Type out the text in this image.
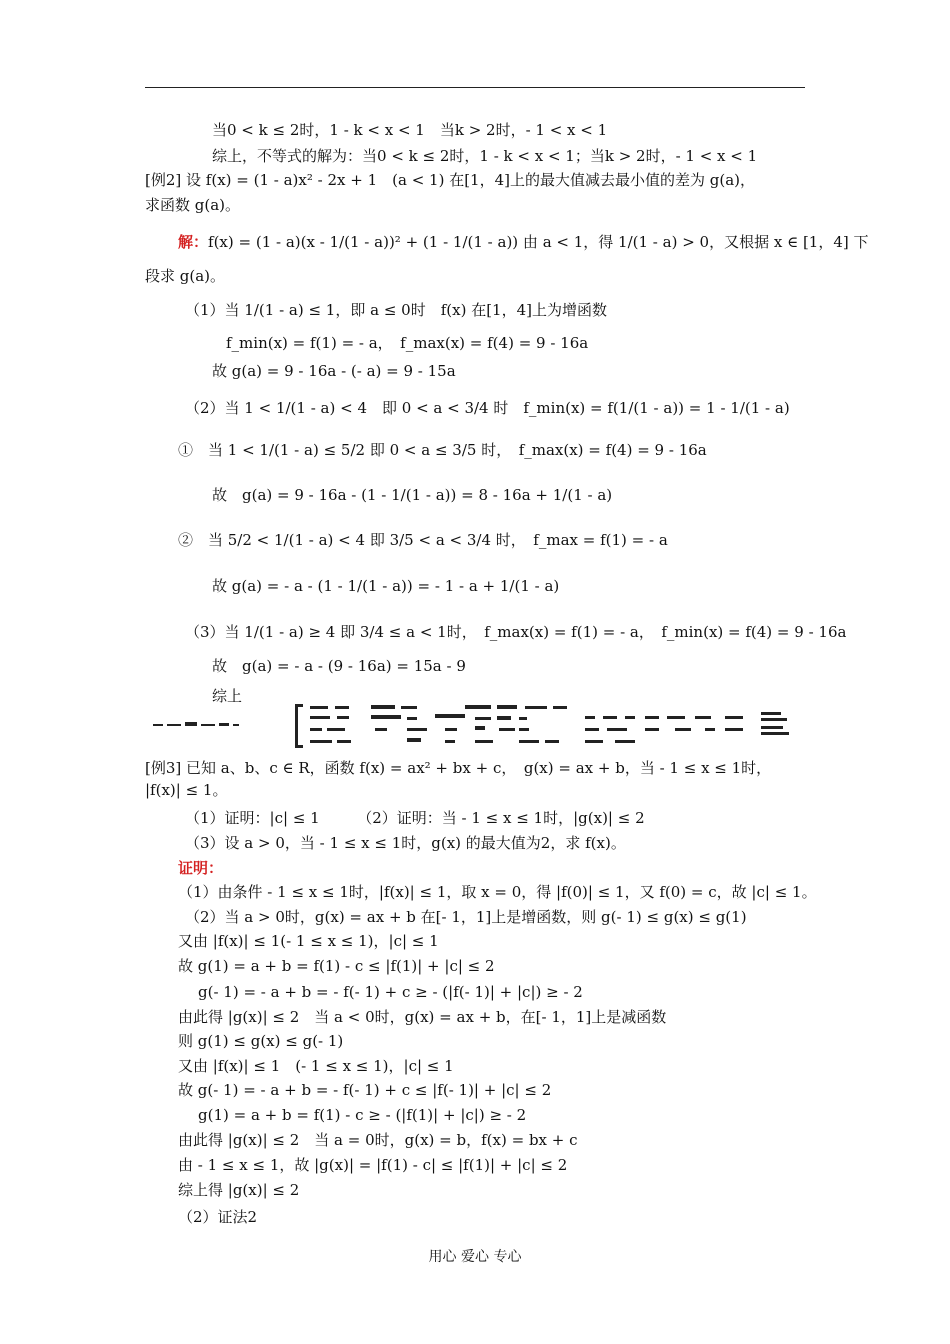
当0 < k ≤ 2时，1 - k < x < 1　当k > 2时，- 1 < x < 1
综上，不等式的解为：当0 < k ≤ 2时，1 - k < x < 1；当k > 2时，- 1 < x < 1
[例2] 设 f(x) = (1 - a)x² - 2x + 1　(a < 1) 在[1，4]上的最大值减去最小值的差为 g(a)，
求函数 g(a)。
解：f(x) = (1 - a)(x - 1/(1 - a))² + (1 - 1/(1 - a)) 由 a < 1，得 1/(1 - a) > 0，又根据 x ∈ [1，4] 下
段求 g(a)。
（1）当 1/(1 - a) ≤ 1，即 a ≤ 0时　f(x) 在[1，4]上为增函数
f_min(x) = f(1) = - a，　f_max(x) = f(4) = 9 - 16a
故 g(a) = 9 - 16a - (- a) = 9 - 15a
（2）当 1 < 1/(1 - a) < 4　即 0 < a < 3/4 时　f_min(x) = f(1/(1 - a)) = 1 - 1/(1 - a)
①　当 1 < 1/(1 - a) ≤ 5/2 即 0 < a ≤ 3/5 时，　f_max(x) = f(4) = 9 - 16a
故　g(a) = 9 - 16a - (1 - 1/(1 - a)) = 8 - 16a + 1/(1 - a)
②　当 5/2 < 1/(1 - a) < 4 即 3/5 < a < 3/4 时，　f_max = f(1) = - a
故 g(a) = - a - (1 - 1/(1 - a)) = - 1 - a + 1/(1 - a)
（3）当 1/(1 - a) ≥ 4 即 3/4 ≤ a < 1时，　f_max(x) = f(1) = - a，　f_min(x) = f(4) = 9 - 16a
故　g(a) = - a - (9 - 16a) = 15a - 9
综上
[例3] 已知 a、b、c ∈ R，函数 f(x) = ax² + bx + c，　g(x) = ax + b，当 - 1 ≤ x ≤ 1时，
|f(x)| ≤ 1。
（1）证明：|c| ≤ 1　　　（2）证明：当 - 1 ≤ x ≤ 1时，|g(x)| ≤ 2
（3）设 a > 0，当 - 1 ≤ x ≤ 1时，g(x) 的最大值为2，求 f(x)。
证明：
（1）由条件 - 1 ≤ x ≤ 1时，|f(x)| ≤ 1，取 x = 0，得 |f(0)| ≤ 1，又 f(0) = c，故 |c| ≤ 1。
（2）当 a > 0时，g(x) = ax + b 在[- 1，1]上是增函数，则 g(- 1) ≤ g(x) ≤ g(1)
又由 |f(x)| ≤ 1(- 1 ≤ x ≤ 1)，|c| ≤ 1
故 g(1) = a + b = f(1) - c ≤ |f(1)| + |c| ≤ 2
g(- 1) = - a + b = - f(- 1) + c ≥ - (|f(- 1)| + |c|) ≥ - 2
由此得 |g(x)| ≤ 2　当 a < 0时，g(x) = ax + b，在[- 1，1]上是减函数
则 g(1) ≤ g(x) ≤ g(- 1)
又由 |f(x)| ≤ 1　(- 1 ≤ x ≤ 1)，|c| ≤ 1
故 g(- 1) = - a + b = - f(- 1) + c ≤ |f(- 1)| + |c| ≤ 2
g(1) = a + b = f(1) - c ≥ - (|f(1)| + |c|) ≥ - 2
由此得 |g(x)| ≤ 2　当 a = 0时，g(x) = b，f(x) = bx + c
由 - 1 ≤ x ≤ 1，故 |g(x)| = |f(1) - c| ≤ |f(1)| + |c| ≤ 2
综上得 |g(x)| ≤ 2
（2）证法2
用心 爱心 专心
